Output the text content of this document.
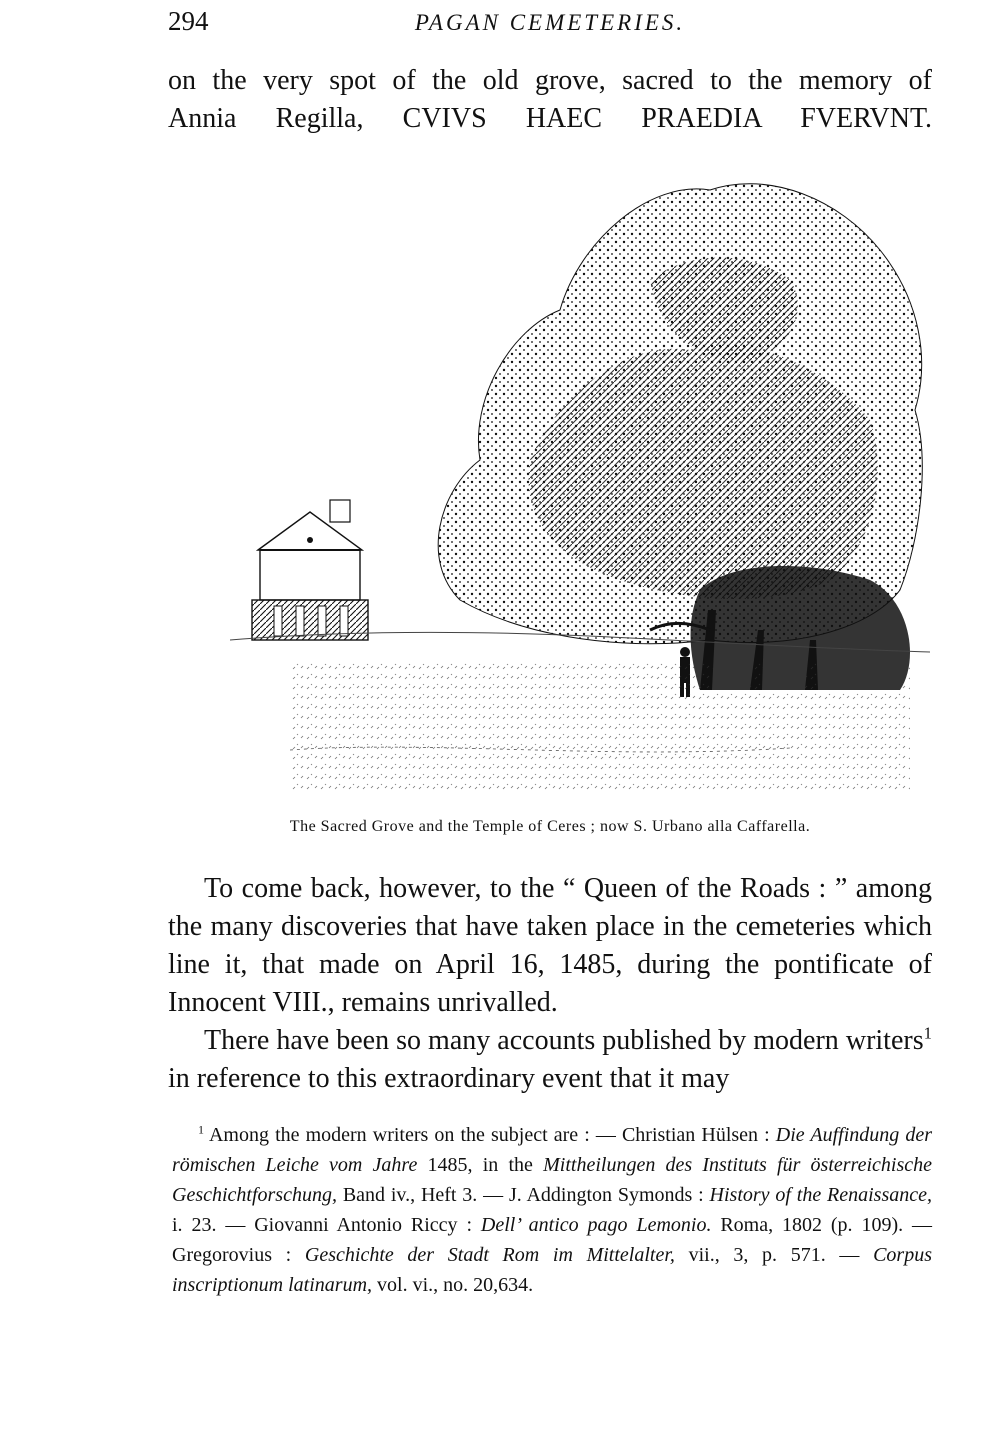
294	PAGAN CEMETERIES.

on the very spot of the old grove, sacred to the memory of
Annia Regilla, CVIVS HAEC PRAEDIA FVERVNT.

The Sacred Grove and the Temple of Ceres ; now S. Urbano alla Caffarella.

To come back, however, to the “ Queen of the Roads : ” among the many discoveries that have taken place in the cemeteries which line it, that made on April 16, 1485, during the pontificate of Innocent VIII., remains unrivalled.

There have been so many accounts published by modern writers$^1$ in reference to this extraordinary event that it may

$^1$ Among the modern writers on the subject are : — Christian Hülsen : Die Auffindung der römischen Leiche vom Jahre 1485, in the Mittheilungen des Instituts für österreichische Geschichtforschung, Band iv., Heft 3. — J. Addington Symonds : History of the Renaissance, i. 23. — Giovanni Antonio Riccy : Dell’ antico pago Lemonio. Roma, 1802 (p. 109). — Gregorovius : Geschichte der Stadt Rom im Mittelalter, vii., 3, p. 571. — Corpus inscriptionum latinarum, vol. vi., no. 20,634.
